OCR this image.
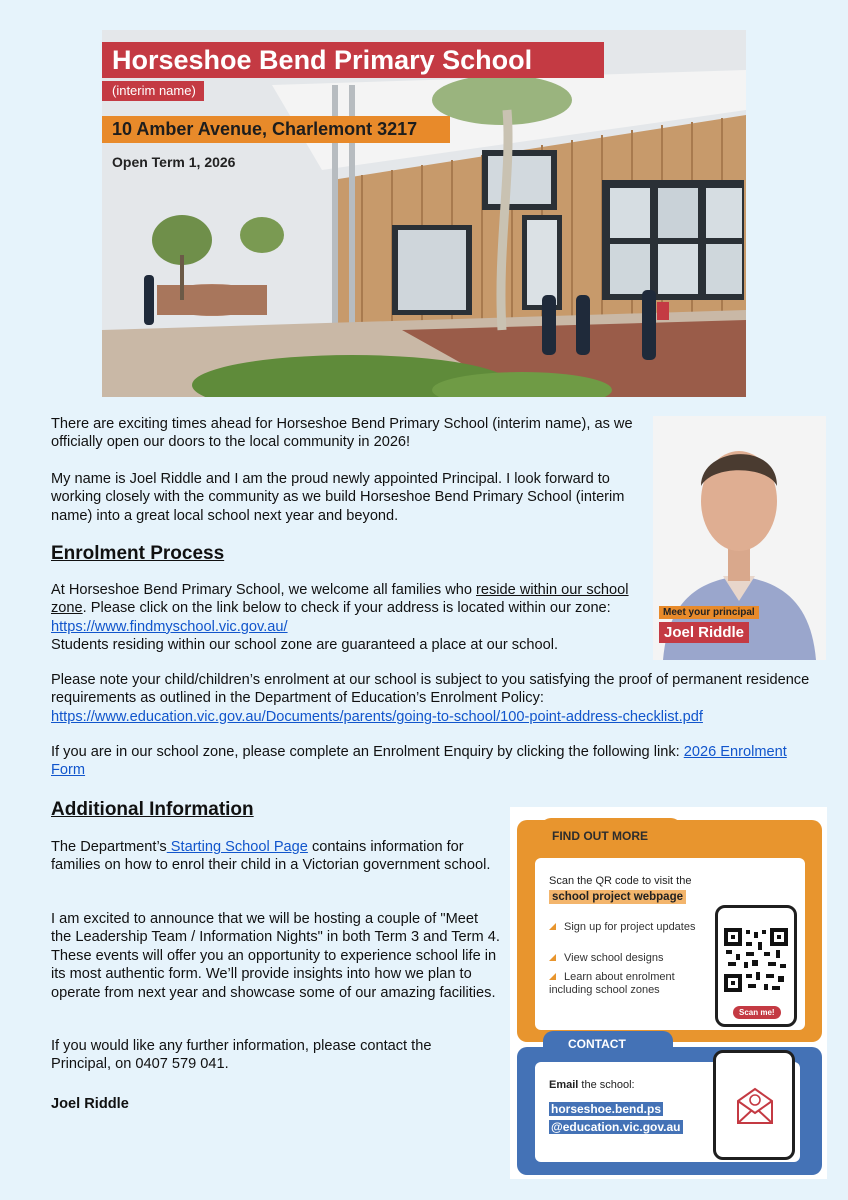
Horseshoe Bend Primary School
(interim name)
10 Amber Avenue, Charlemont 3217
Open Term 1, 2026

There are exciting times ahead for Horseshoe Bend Primary School (interim name), as we officially open our doors to the local community in 2026!

My name is Joel Riddle and I am the proud newly appointed Principal. I look forward to working closely with the community as we build Horseshoe Bend Primary School (interim name) into a great local school next year and beyond.

Meet your principal
Joel Riddle
Enrolment Process

At Horseshoe Bend Primary School, we welcome all families who reside within our school zone. Please click on the link below to check if your address is located within our zone: https://www.findmyschool.vic.gov.au/
Students residing within our school zone are guaranteed a place at our school.

Please note your child/children’s enrolment at our school is subject to you satisfying the proof of permanent residence requirements as outlined in the Department of Education’s Enrolment Policy:
https://www.education.vic.gov.au/Documents/parents/going-to-school/100-point-address-checklist.pdf

If you are in our school zone, please complete an Enrolment Enquiry by clicking the following link: 2026 Enrolment Form

Additional Information

The Department’s Starting School Page contains information for families on how to enrol their child in a Victorian government school.

I am excited to announce that we will be hosting a couple of "Meet the Leadership Team / Information Nights" in both Term 3 and Term 4. These events will offer you an opportunity to experience school life in its most authentic form. We’ll provide insights into how we plan to operate from next year and showcase some of our amazing facilities.

If you would like any further information, please contact the Principal, on 0407 579 041.

Joel Riddle

FIND OUT MORE
Scan the QR code to visit the
school project webpage
Sign up for project updates
View school designs
Learn about enrolment including school zones
Scan me!
CONTACT
Email the school:
horseshoe.bend.ps
@education.vic.gov.au
